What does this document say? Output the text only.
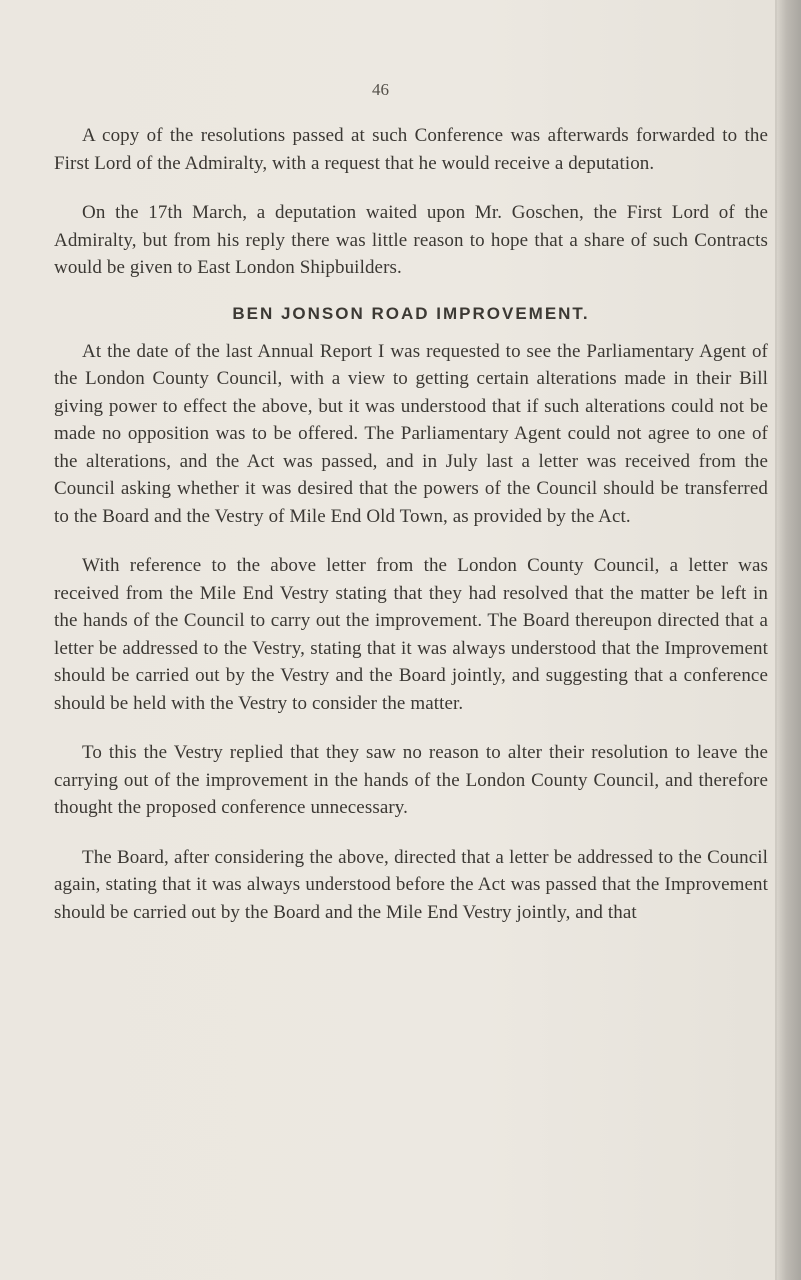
46

A copy of the resolutions passed at such Conference was afterwards forwarded to the First Lord of the Admiralty, with a request that he would receive a deputation.

On the 17th March, a deputation waited upon Mr. Goschen, the First Lord of the Admiralty, but from his reply there was little reason to hope that a share of such Contracts would be given to East London Shipbuilders.

BEN JONSON ROAD IMPROVEMENT.

At the date of the last Annual Report I was requested to see the Parliamentary Agent of the London County Council, with a view to getting certain alterations made in their Bill giving power to effect the above, but it was understood that if such alterations could not be made no opposition was to be offered. The Parliamentary Agent could not agree to one of the alterations, and the Act was passed, and in July last a letter was received from the Council asking whether it was desired that the powers of the Council should be transferred to the Board and the Vestry of Mile End Old Town, as provided by the Act.

With reference to the above letter from the London County Council, a letter was received from the Mile End Vestry stating that they had resolved that the matter be left in the hands of the Council to carry out the improvement. The Board thereupon directed that a letter be addressed to the Vestry, stating that it was always understood that the Improvement should be carried out by the Vestry and the Board jointly, and suggesting that a conference should be held with the Vestry to consider the matter.

To this the Vestry replied that they saw no reason to alter their resolution to leave the carrying out of the improvement in the hands of the London County Council, and therefore thought the proposed conference unnecessary.

The Board, after considering the above, directed that a letter be addressed to the Council again, stating that it was always understood before the Act was passed that the Improvement should be carried out by the Board and the Mile End Vestry jointly, and that
